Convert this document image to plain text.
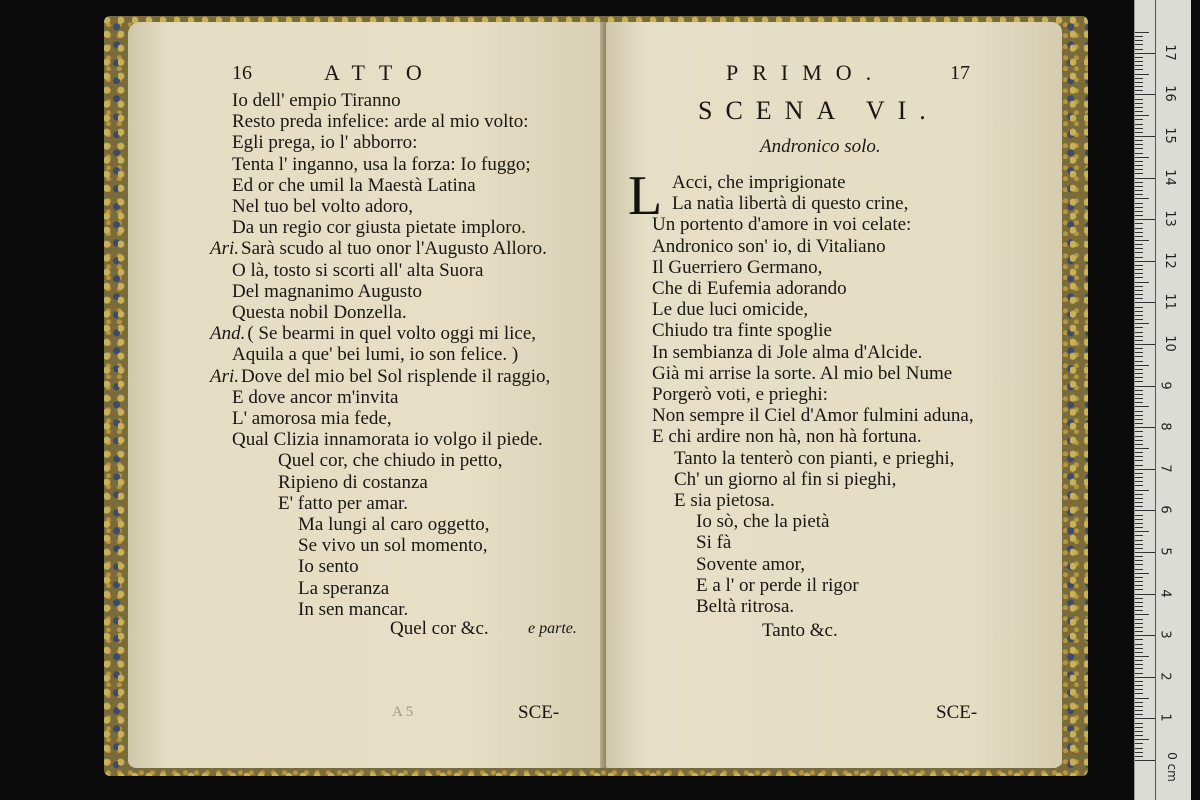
16	ATTO
Io dell' empio Tiranno
Resto preda infelice: arde al mio volto:
Egli prega, io l' abborro:
Tenta l' inganno, usa la forza: Io fuggo;
Ed or che umil la Maestà Latina
Nel tuo bel volto adoro,
Da un regio cor giusta pietate imploro.
Ari. Sarà scudo al tuo onor l'Augusto Alloro.
O là, tosto si scorti all' alta Suora
Del magnanimo Augusto
Questa nobil Donzella.
And. ( Se bearmi in quel volto oggi mi lice,
Aquila a que' bei lumi, io son felice. )
Ari. Dove del mio bel Sol risplende il raggio,
E dove ancor m'invita
L' amorosa mia fede,
Qual Clizia innamorata io volgo il piede.
Quel cor, che chiudo in petto,
Ripieno di costanza
E' fatto per amar.
Ma lungi al caro oggetto,
Se vivo un sol momento,
Io sento
La speranza
In sen mancar.
Quel cor &c. e parte.
A 5	SCE-
PRIMO.	17
SCENA VI.
Andronico solo.
Acci, che imprigionate
La natìa libertà di questo crine,
Un portento d'amore in voi celate:
Andronico son' io, di Vitaliano
Il Guerriero Germano,
Che di Eufemia adorando
Le due luci omicide,
Chiudo tra finte spoglie
In sembianza di Jole alma d'Alcide.
Già mi arrise la sorte. Al mio bel Nume
Porgerò voti, e prieghi:
Non sempre il Ciel d'Amor fulmini aduna,
E chi ardire non hà, non hà fortuna.
Tanto la tenterò con pianti, e prieghi,
Ch' un giorno al fin si pieghi,
E sia pietosa.
Io sò, che la pietà
Si fà
Sovente amor,
E a l' or perde il rigor
Beltà ritrosa.
Tanto &c.
SCE-
L
1
2
3
4
5
6
7
8
9
10
11
12
13
14
15
16
17
0 cm
